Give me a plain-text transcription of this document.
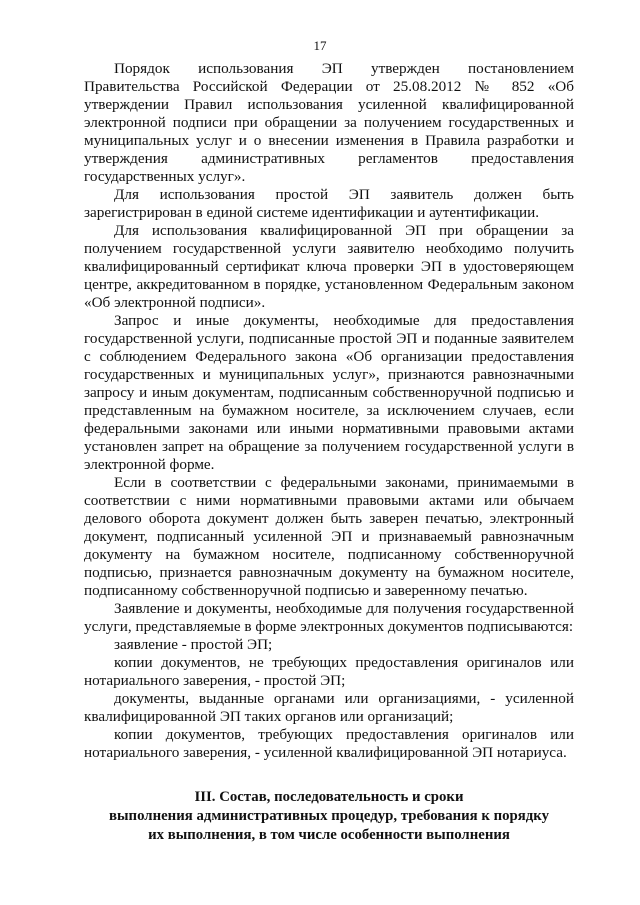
17

Порядок использования ЭП утвержден постановлением Правительства Российской Федерации от 25.08.2012 № 852 «Об утверждении Правил использования усиленной квалифицированной электронной подписи при обращении за получением государственных и муниципальных услуг и о внесении изменения в Правила разработки и утверждения административных регламентов предоставления государственных услуг».

Для использования простой ЭП заявитель должен быть зарегистрирован в единой системе идентификации и аутентификации.

Для использования квалифицированной ЭП при обращении за получением государственной услуги заявителю необходимо получить квалифицированный сертификат ключа проверки ЭП в удостоверяющем центре, аккредитованном в порядке, установленном Федеральным законом «Об электронной подписи».

Запрос и иные документы, необходимые для предоставления государственной услуги, подписанные простой ЭП и поданные заявителем с соблюдением Федерального закона «Об организации предоставления государственных и муниципальных услуг», признаются равнозначными запросу и иным документам, подписанным собственноручной подписью и представленным на бумажном носителе, за исключением случаев, если федеральными законами или иными нормативными правовыми актами установлен запрет на обращение за получением государственной услуги в электронной форме.

Если в соответствии с федеральными законами, принимаемыми в соответствии с ними нормативными правовыми актами или обычаем делового оборота документ должен быть заверен печатью, электронный документ, подписанный усиленной ЭП и признаваемый равнозначным документу на бумажном носителе, подписанному собственноручной подписью, признается равнозначным документу на бумажном носителе, подписанному собственноручной подписью и заверенному печатью.

Заявление и документы, необходимые для получения государственной услуги, представляемые в форме электронных документов подписываются:

заявление - простой ЭП;

копии документов, не требующих предоставления оригиналов или нотариального заверения, - простой ЭП;

документы, выданные органами или организациями, - усиленной квалифицированной ЭП таких органов или организаций;

копии документов, требующих предоставления оригиналов или нотариального заверения, - усиленной квалифицированной ЭП нотариуса.

III. Состав, последовательность и сроки
выполнения административных процедур, требования к порядку
их выполнения, в том числе особенности выполнения
